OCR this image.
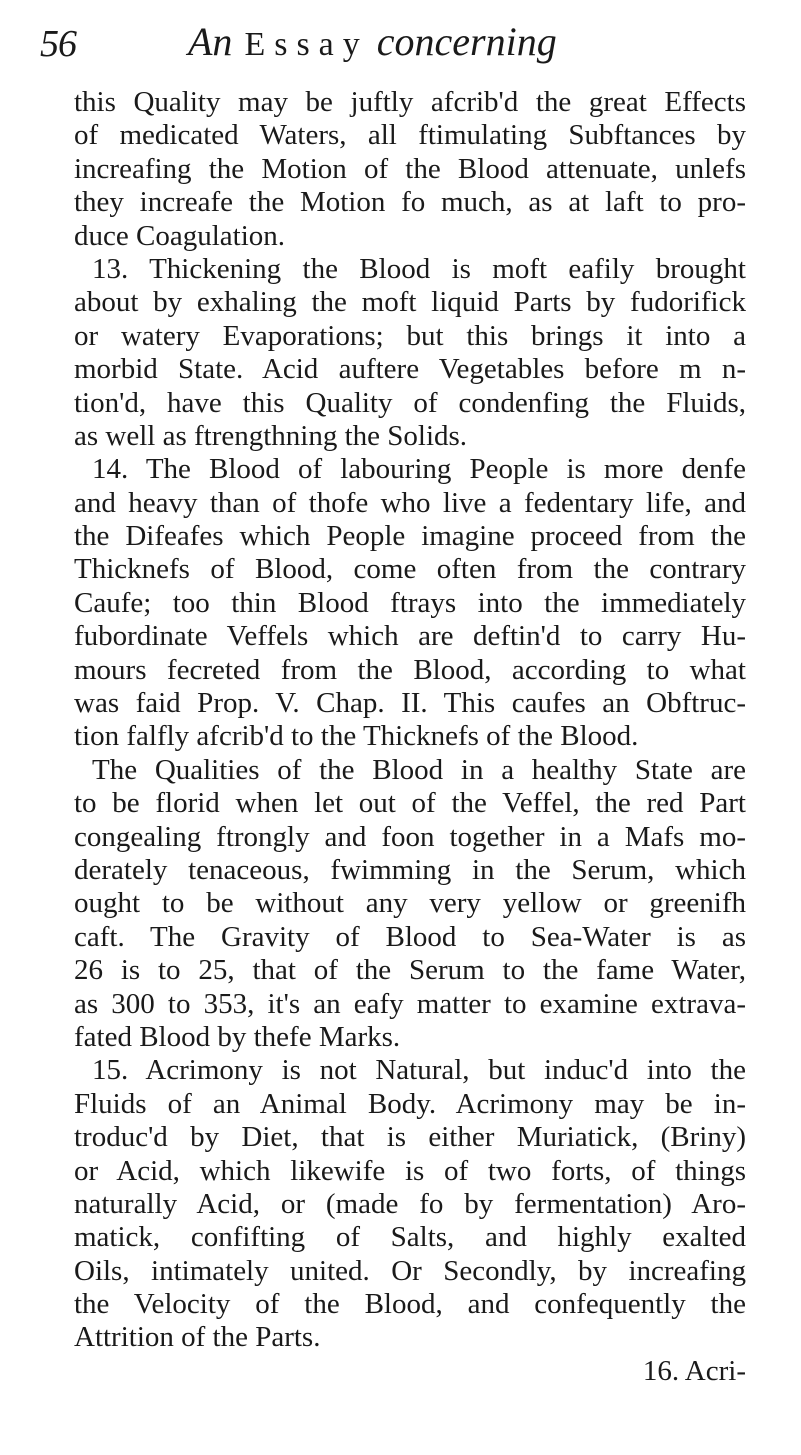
56	An Essay concerning
this Quality may be juftly afcrib'd the great Effects
of medicated Waters, all ftimulating Subftances by
increafing the Motion of the Blood attenuate, unlefs
they increafe the Motion fo much, as at laft to pro-
duce Coagulation.
13. Thickening the Blood is moft eafily brought
about by exhaling the moft liquid Parts by fudorifick
or watery Evaporations; but this brings it into a
morbid State. Acid auftere Vegetables before m n-
tion'd, have this Quality of condenfing the Fluids,
as well as ftrengthning the Solids.
14. The Blood of labouring People is more denfe
and heavy than of thofe who live a fedentary life, and
the Difeafes which People imagine proceed from the
Thicknefs of Blood, come often from the contrary
Caufe; too thin Blood ftrays into the immediately
fubordinate Veffels which are deftin'd to carry Hu-
mours fecreted from the Blood, according to what
was faid Prop. V. Chap. II. This caufes an Obftruc-
tion falfly afcrib'd to the Thicknefs of the Blood.
The Qualities of the Blood in a healthy State are
to be florid when let out of the Veffel, the red Part
congealing ftrongly and foon together in a Mafs mo-
derately tenaceous, fwimming in the Serum, which
ought to be without any very yellow or greenifh
caft. The Gravity of Blood to Sea-Water is as
26 is to 25, that of the Serum to the fame Water,
as 300 to 353, it's an eafy matter to examine extrava-
fated Blood by thefe Marks.
15. Acrimony is not Natural, but induc'd into the
Fluids of an Animal Body. Acrimony may be in-
troduc'd by Diet, that is either Muriatick, (Briny)
or Acid, which likewife is of two forts, of things
naturally Acid, or (made fo by fermentation) Aro-
matick, confifting of Salts, and highly exalted
Oils, intimately united. Or Secondly, by increafing
the Velocity of the Blood, and confequently the
Attrition of the Parts.
16. Acri-
